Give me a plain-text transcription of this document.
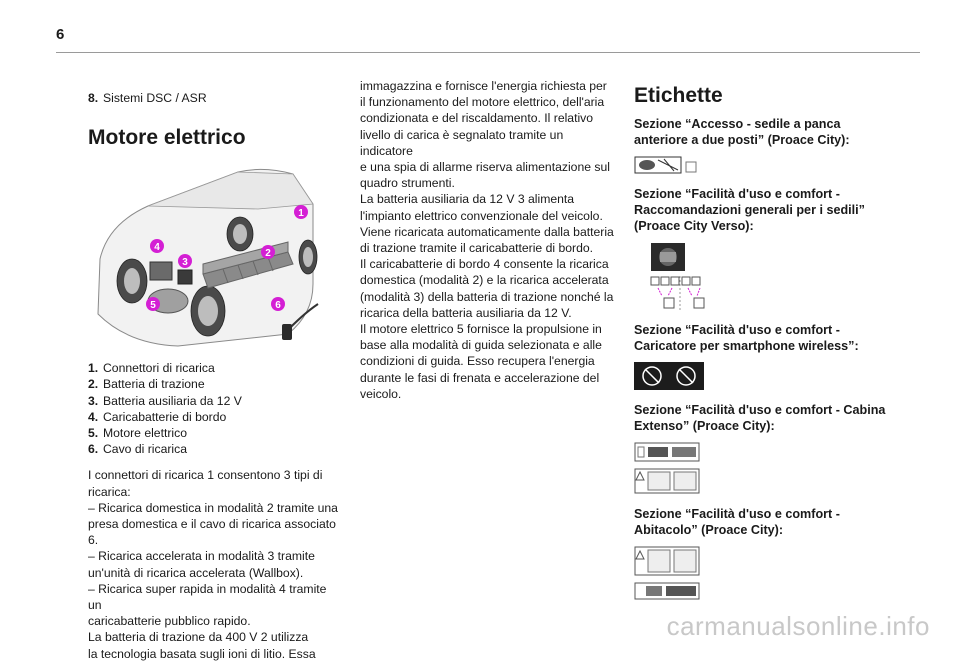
6
8. Sistemi DSC / ASR
Motore elettrico
1
2
3
4
5	6
1. Connettori di ricarica
2. Batteria di trazione
3. Batteria ausiliaria da 12 V
4. Caricabatterie di bordo
5. Motore elettrico
6. Cavo di ricarica

I connettori di ricarica 1 consentono 3 tipi di

ricarica:

– Ricarica domestica in modalità 2 tramite una

presa domestica e il cavo di ricarica associato 6.

– Ricarica accelerata in modalità 3 tramite

un'unità di ricarica accelerata (Wallbox).

– Ricarica super rapida in modalità 4 tramite un

caricabatterie pubblico rapido.

La batteria di trazione da 400 V 2 utilizza

la tecnologia basata sugli ioni di litio. Essa

immagazzina e fornisce l'energia richiesta per

il funzionamento del motore elettrico, dell'aria

condizionata e del riscaldamento. Il relativo

livello di carica è segnalato tramite un indicatore

e una spia di allarme riserva alimentazione sul

quadro strumenti.

La batteria ausiliaria da 12 V 3 alimenta

l'impianto elettrico convenzionale del veicolo.

Viene ricaricata automaticamente dalla batteria

di trazione tramite il caricabatterie di bordo.

Il caricabatterie di bordo 4 consente la ricarica

domestica (modalità 2) e la ricarica accelerata

(modalità 3) della batteria di trazione nonché la

ricarica della batteria ausiliaria da 12 V.

Il motore elettrico 5 fornisce la propulsione in

base alla modalità di guida selezionata e alle

condizioni di guida. Esso recupera l'energia

durante le fasi di frenata e accelerazione del

veicolo.

Etichette
Sezione “Accesso - sedile a panca
anteriore a due posti” (Proace City):
Sezione “Facilità d'uso e comfort -
Raccomandazioni generali per i sedili”
(Proace City Verso):
Sezione “Facilità d'uso e comfort -
Caricatore per smartphone wireless”:
Sezione “Facilità d'uso e comfort - Cabina
Extenso” (Proace City):
Sezione “Facilità d'uso e comfort -
Abitacolo” (Proace City):
carmanualsonline.info
